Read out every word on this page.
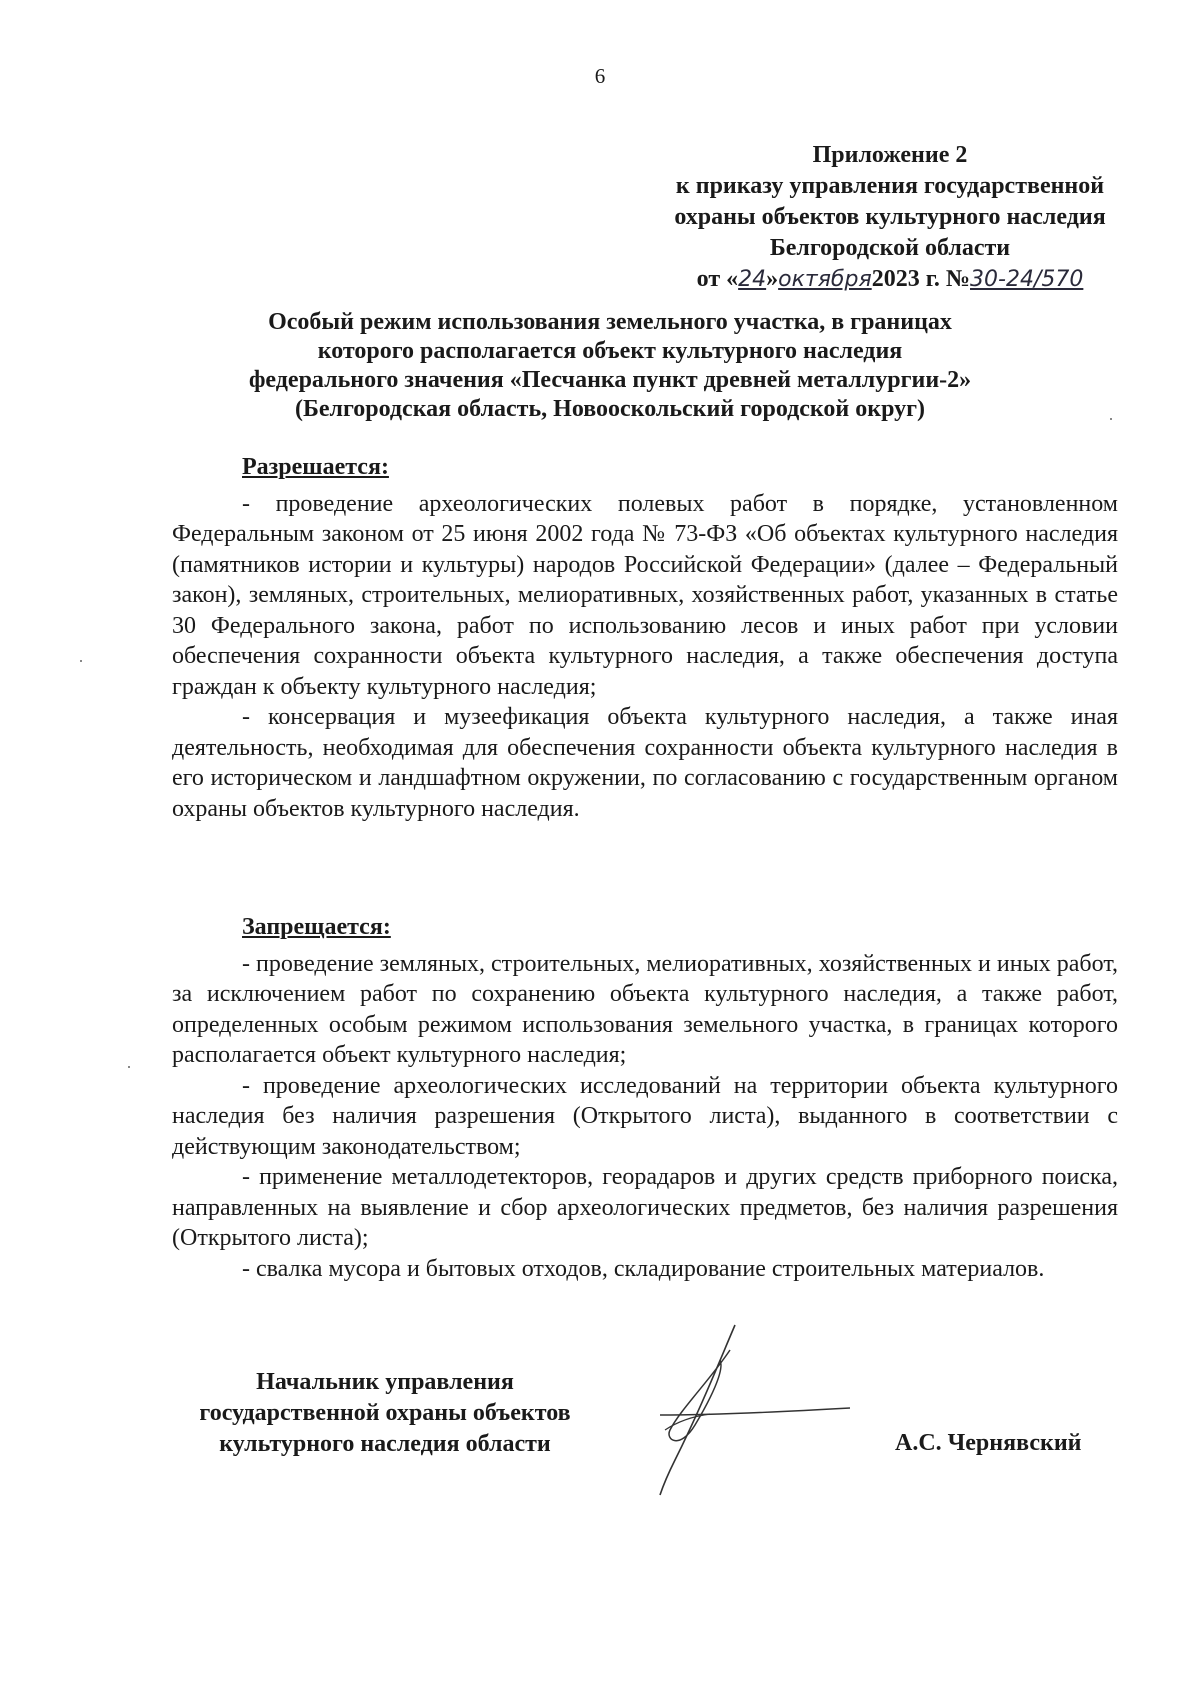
6
Приложение 2
к приказу управления государственной
охраны объектов культурного наследия
Белгородской области
от «24»октября2023 г. №30-24/570
Особый режим использования земельного участка, в границах
которого располагается объект культурного наследия
федерального значения «Песчанка пункт древней металлургии-2»
(Белгородская область, Новооскольский городской округ)
Разрешается:

- проведение археологических полевых работ в порядке, установленном Федеральным законом от 25 июня 2002 года № 73-ФЗ «Об объектах культурного наследия (памятников истории и культуры) народов Российской Федерации» (далее – Федеральный закон), земляных, строительных, мелиоративных, хозяйственных работ, указанных в статье 30 Федерального закона, работ по использованию лесов и иных работ при условии обеспечения сохранности объекта культурного наследия, а также обеспечения доступа граждан к объекту культурного наследия;

- консервация и музеефикация объекта культурного наследия, а также иная деятельность, необходимая для обеспечения сохранности объекта культурного наследия в его историческом и ландшафтном окружении, по согласованию с государственным органом охраны объектов культурного наследия.

Запрещается:

- проведение земляных, строительных, мелиоративных, хозяйственных и иных работ, за исключением работ по сохранению объекта культурного наследия, а также работ, определенных особым режимом использования земельного участка, в границах которого располагается объект культурного наследия;

- проведение археологических исследований на территории объекта культурного наследия без наличия разрешения (Открытого листа), выданного в соответствии с действующим законодательством;

- применение металлодетекторов, георадаров и других средств приборного поиска, направленных на выявление и сбор археологических предметов, без наличия разрешения (Открытого листа);

- свалка мусора и бытовых отходов, складирование строительных материалов.

Начальник управления
государственной охраны объектов
культурного наследия области	А.С. Чернявский
